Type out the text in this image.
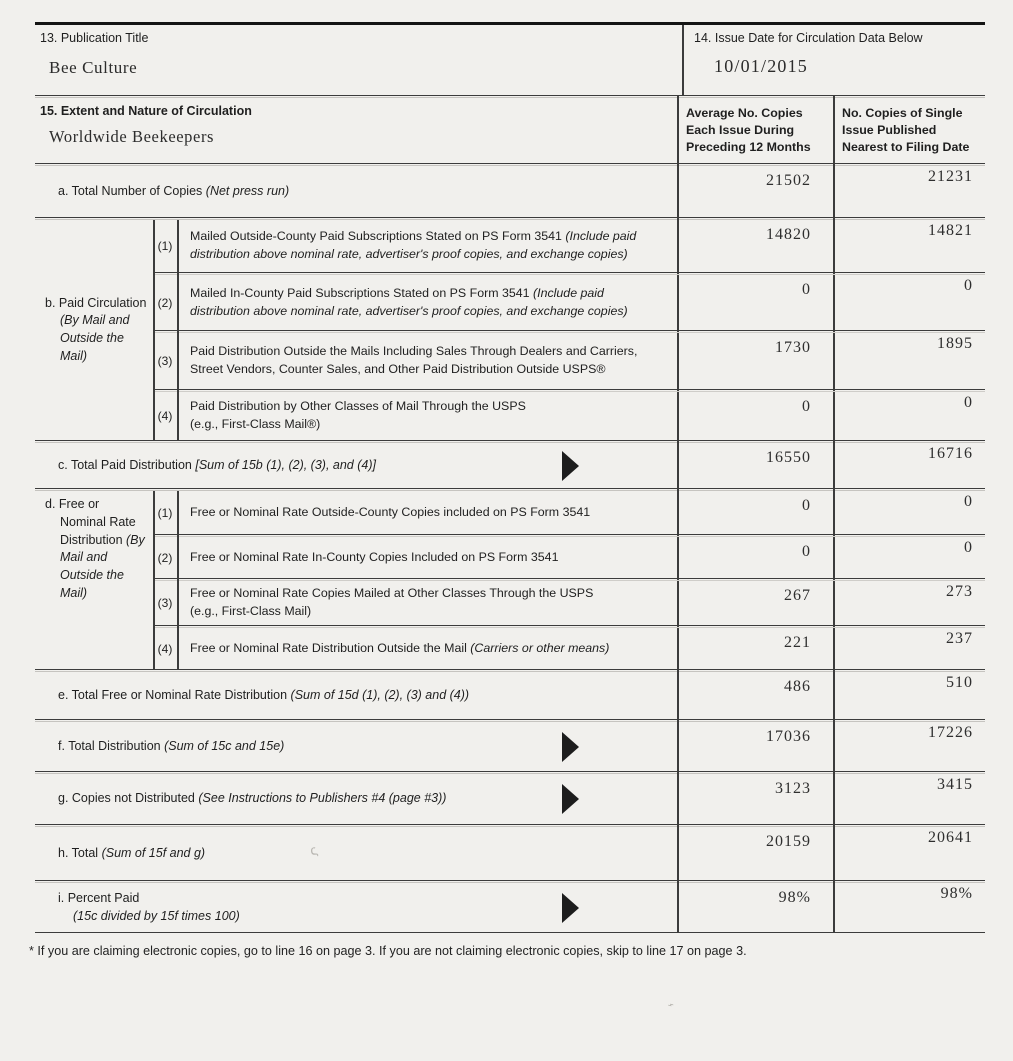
13. Publication Title
Bee Culture
14. Issue Date for Circulation Data Below
10/01/2015
15. Extent and Nature of Circulation
Worldwide Beekeepers
Average No. Copies Each Issue During Preceding 12 Months
No. Copies of Single Issue Published Nearest to Filing Date
a. Total Number of Copies (Net press run)
21502	21231
b. Paid Circulation (By Mail and Outside the Mail)
(1)
Mailed Outside-County Paid Subscriptions Stated on PS Form 3541 (Include paid distribution above nominal rate, advertiser's proof copies, and exchange copies)
14820	14821
(2)
Mailed In-County Paid Subscriptions Stated on PS Form 3541 (Include paid distribution above nominal rate, advertiser's proof copies, and exchange copies)
0	0
(3)
Paid Distribution Outside the Mails Including Sales Through Dealers and Carriers, Street Vendors, Counter Sales, and Other Paid Distribution Outside USPS®
1730	1895
(4)
Paid Distribution by Other Classes of Mail Through the USPS
(e.g., First-Class Mail®)
0	0
c. Total Paid Distribution [Sum of 15b (1), (2), (3), and (4)]	16550	16716
d. Free or Nominal Rate Distribution (By Mail and Outside the Mail)
(1)	Free or Nominal Rate Outside-County Copies included on PS Form 3541	0	0
(2)	Free or Nominal Rate In-County Copies Included on PS Form 3541	0	0
(3)
Free or Nominal Rate Copies Mailed at Other Classes Through the USPS
(e.g., First-Class Mail)
267	273
(4)	Free or Nominal Rate Distribution Outside the Mail (Carriers or other means)	221	237
e. Total Free or Nominal Rate Distribution (Sum of 15d (1), (2), (3) and (4))	486	510
f. Total Distribution (Sum of 15c and 15e)
17036	17226
g. Copies not Distributed (See Instructions to Publishers #4 (page #3))
3123	3415
h. Total (Sum of 15f and g)
20159	20641
i. Percent Paid
(15c divided by 15f times 100)
98%	98%
* If you are claiming electronic copies, go to line 16 on page 3. If you are not claiming electronic copies, skip to line 17 on page 3.
ς
⌁
